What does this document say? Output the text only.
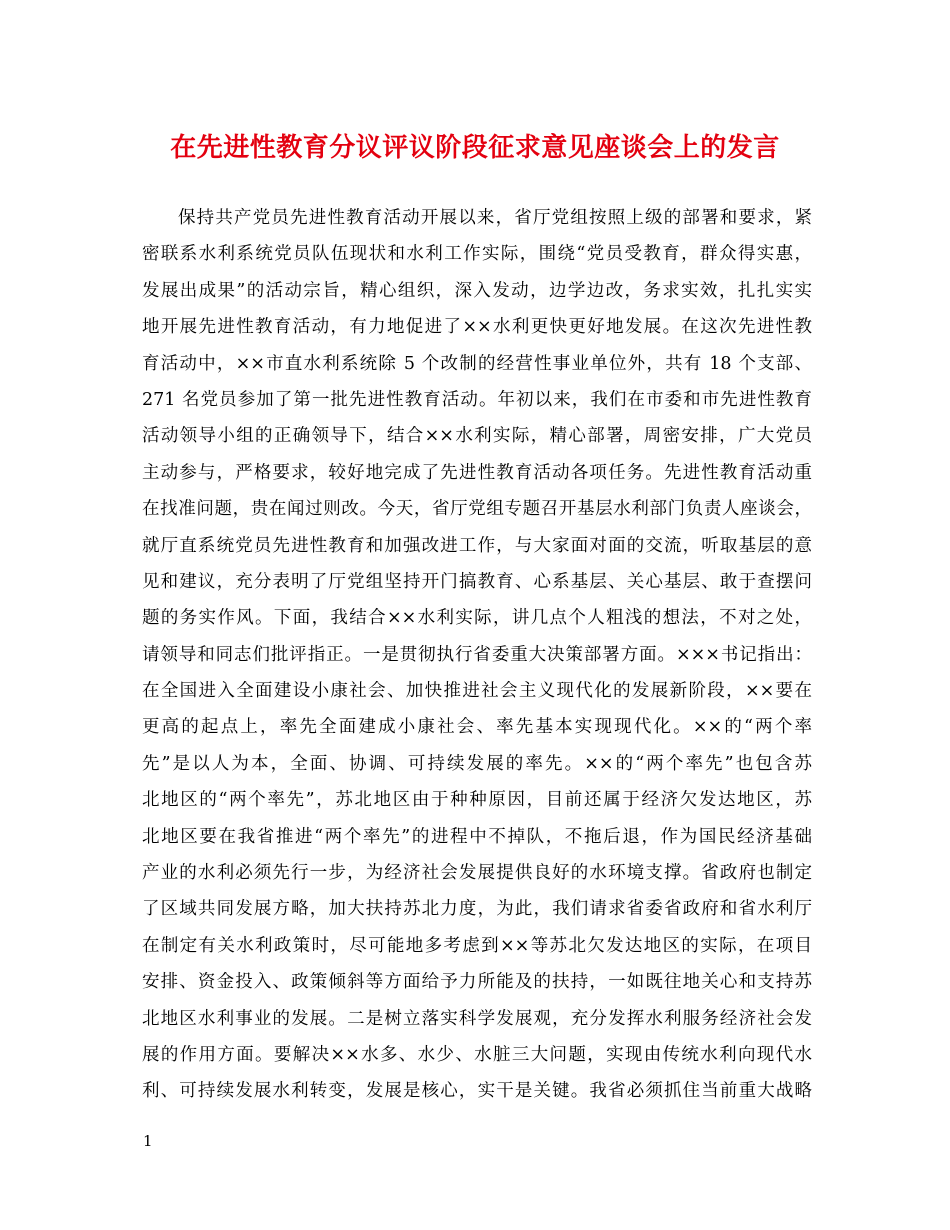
在先进性教育分议评议阶段征求意见座谈会上的发言
保持共产党员先进性教育活动开展以来，省厅党组按照上级的部署和要求，紧
密联系水利系统党员队伍现状和水利工作实际，围绕“党员受教育，群众得实惠，
发展出成果”的活动宗旨，精心组织，深入发动，边学边改，务求实效，扎扎实实
地开展先进性教育活动，有力地促进了××水利更快更好地发展。在这次先进性教
育活动中，××市直水利系统除 5 个改制的经营性事业单位外，共有 18 个支部、
271 名党员参加了第一批先进性教育活动。年初以来，我们在市委和市先进性教育
活动领导小组的正确领导下，结合××水利实际，精心部署，周密安排，广大党员
主动参与，严格要求，较好地完成了先进性教育活动各项任务。先进性教育活动重
在找准问题，贵在闻过则改。今天，省厅党组专题召开基层水利部门负责人座谈会，
就厅直系统党员先进性教育和加强改进工作，与大家面对面的交流，听取基层的意
见和建议，充分表明了厅党组坚持开门搞教育、心系基层、关心基层、敢于查摆问
题的务实作风。下面，我结合××水利实际，讲几点个人粗浅的想法，不对之处，
请领导和同志们批评指正。一是贯彻执行省委重大决策部署方面。×××书记指出：
在全国进入全面建设小康社会、加快推进社会主义现代化的发展新阶段，××要在
更高的起点上，率先全面建成小康社会、率先基本实现现代化。××的“两个率
先”是以人为本，全面、协调、可持续发展的率先。××的“两个率先”也包含苏
北地区的“两个率先”，苏北地区由于种种原因，目前还属于经济欠发达地区，苏
北地区要在我省推进“两个率先”的进程中不掉队，不拖后退，作为国民经济基础
产业的水利必须先行一步，为经济社会发展提供良好的水环境支撑。省政府也制定
了区域共同发展方略，加大扶持苏北力度，为此，我们请求省委省政府和省水利厅
在制定有关水利政策时，尽可能地多考虑到××等苏北欠发达地区的实际，在项目
安排、资金投入、政策倾斜等方面给予力所能及的扶持，一如既往地关心和支持苏
北地区水利事业的发展。二是树立落实科学发展观，充分发挥水利服务经济社会发
展的作用方面。要解决××水多、水少、水脏三大问题，实现由传统水利向现代水
利、可持续发展水利转变，发展是核心，实干是关键。我省必须抓住当前重大战略
1
